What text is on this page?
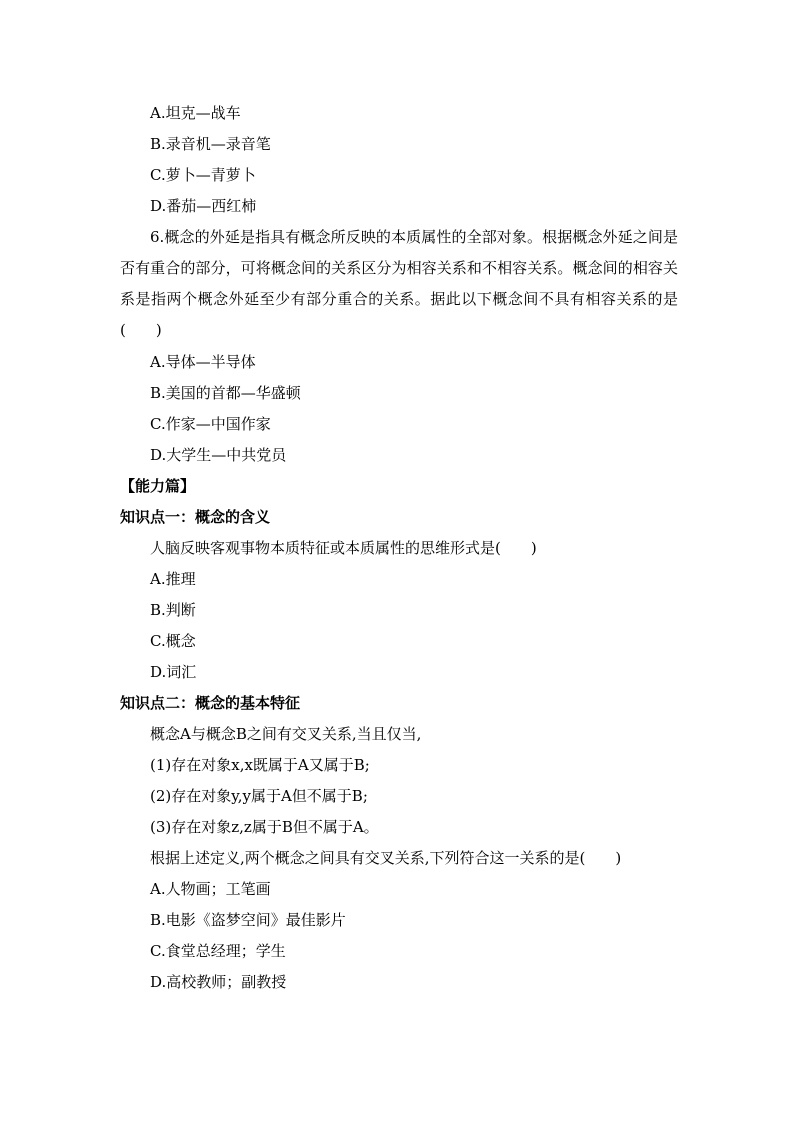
A.坦克—战车
B.录音机—录音笔
C.萝卜—青萝卜
D.番茄—西红柿
6.概念的外延是指具有概念所反映的本质属性的全部对象。根据概念外延之间是否有重合的部分，可将概念间的关系区分为相容关系和不相容关系。概念间的相容关系是指两个概念外延至少有部分重合的关系。据此以下概念间不具有相容关系的是(　　)
A.导体—半导体
B.美国的首都—华盛顿
C.作家—中国作家
D.大学生—中共党员
【能力篇】
知识点一：概念的含义
人脑反映客观事物本质特征或本质属性的思维形式是(　　)
A.推理
B.判断
C.概念
D.词汇
知识点二：概念的基本特征
概念A与概念B之间有交叉关系,当且仅当,
(1)存在对象x,x既属于A又属于B;
(2)存在对象y,y属于A但不属于B;
(3)存在对象z,z属于B但不属于A。
根据上述定义,两个概念之间具有交叉关系,下列符合这一关系的是(　　)
A.人物画；工笔画
B.电影《盗梦空间》最佳影片
C.食堂总经理；学生
D.高校教师；副教授
